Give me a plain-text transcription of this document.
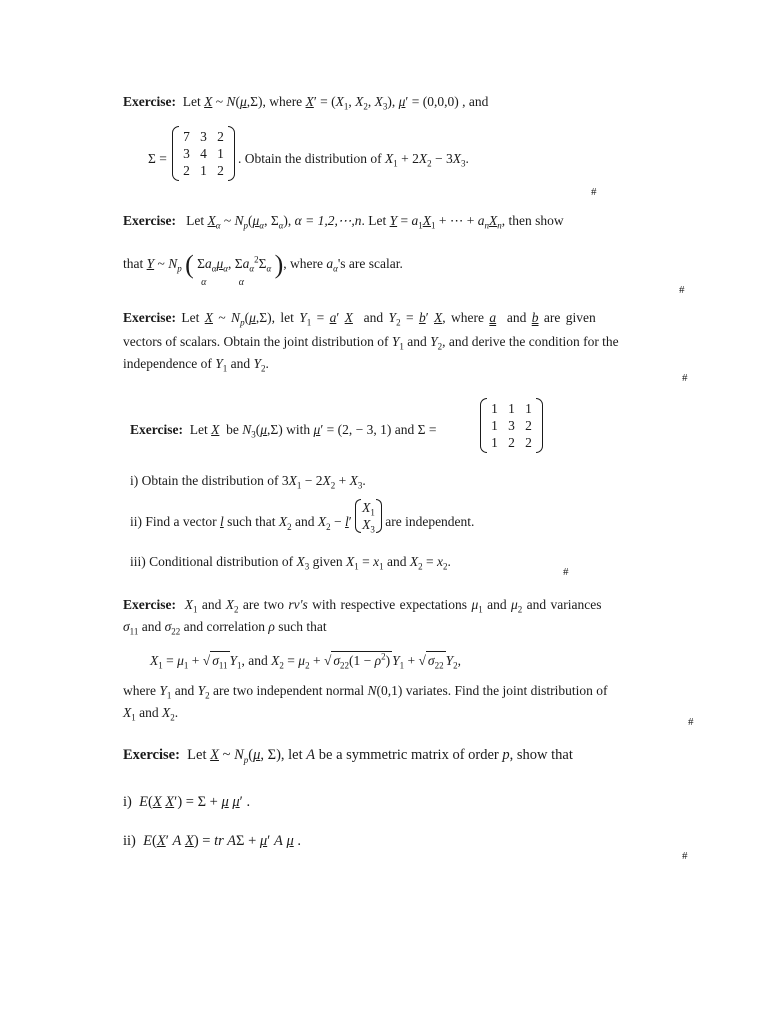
Exercise:  Let X ~ N(μ,Σ), where $X' = (X_1$, $X_2$, $X_3$), μ′ = (0,0,0) , and
Σ =
7 3 2
3 4 1
2 1 2
. Obtain the distribution of $X_1 + 2X_2 - 3X_3$.
#
Exercise:   Let $X_\alpha$ ~ $N_p(\mu_\alpha$, $\Sigma_\alpha$), α = 1,2,⋯,n. Let $Y = a_1X_1$ + ⋯ + $a_nX_n$, then show
that Y ~ $N_p$ ( $\Sigma a_\alpha\mu_\alpha$
α
, $\Sigma a_\alpha^2\Sigma_\alpha$
α
), where $a_\alpha's$ are scalar.
#
Exercise: Let X ~ $N_p(\mu,\Sigma)$, let $Y_1 = a'$ X  and $Y_2 = b'$ X, where a  and b are given
vectors of scalars. Obtain the joint distribution of $Y_1$ and $Y_2$, and derive the condition for the
independence of $Y_1$ and $Y_2$.
#
Exercise:  Let X be $N_3(\mu,\Sigma)$ with μ′ = (2, − 3, 1) and Σ =
1 1 1
1 3 2
1 2 2
i) Obtain the distribution of $3X_1 - 2X_2 + X_3$.
ii) Find a vector l such that $X_2$ and $X_2 - l'$
$X_1$
$X_3$
are independent.
iii) Conditional distribution of $X_3$ given $X_1 = x_1$ and $X_2 = x_2$.
#
Exercise: $X_1$ and $X_2$ are two rv's with respective expectations $\mu_1$ and $\mu_2$ and variances
$\sigma_{11}$ and $\sigma_{22}$ and correlation ρ such that
$X_1 = \mu_1$ + √ $\sigma_{11}$ $Y_1$, and $X_2 = \mu_2$ + √ $\sigma_{22}(1 - \rho^2) Y_1$ + √ $\sigma_{22}$ $Y_2$,
where $Y_1$ and $Y_2$ are two independent normal N(0,1) variates. Find the joint distribution of
$X_1$ and $X_2$.
#
Exercise:  Let X ~ $N_p(\mu$, Σ), let A be a symmetric matrix of order p, show that
i) E(X X′) = Σ + μ μ′ .
ii) E(X′ A X) = tr AΣ + μ′ A μ .
#
